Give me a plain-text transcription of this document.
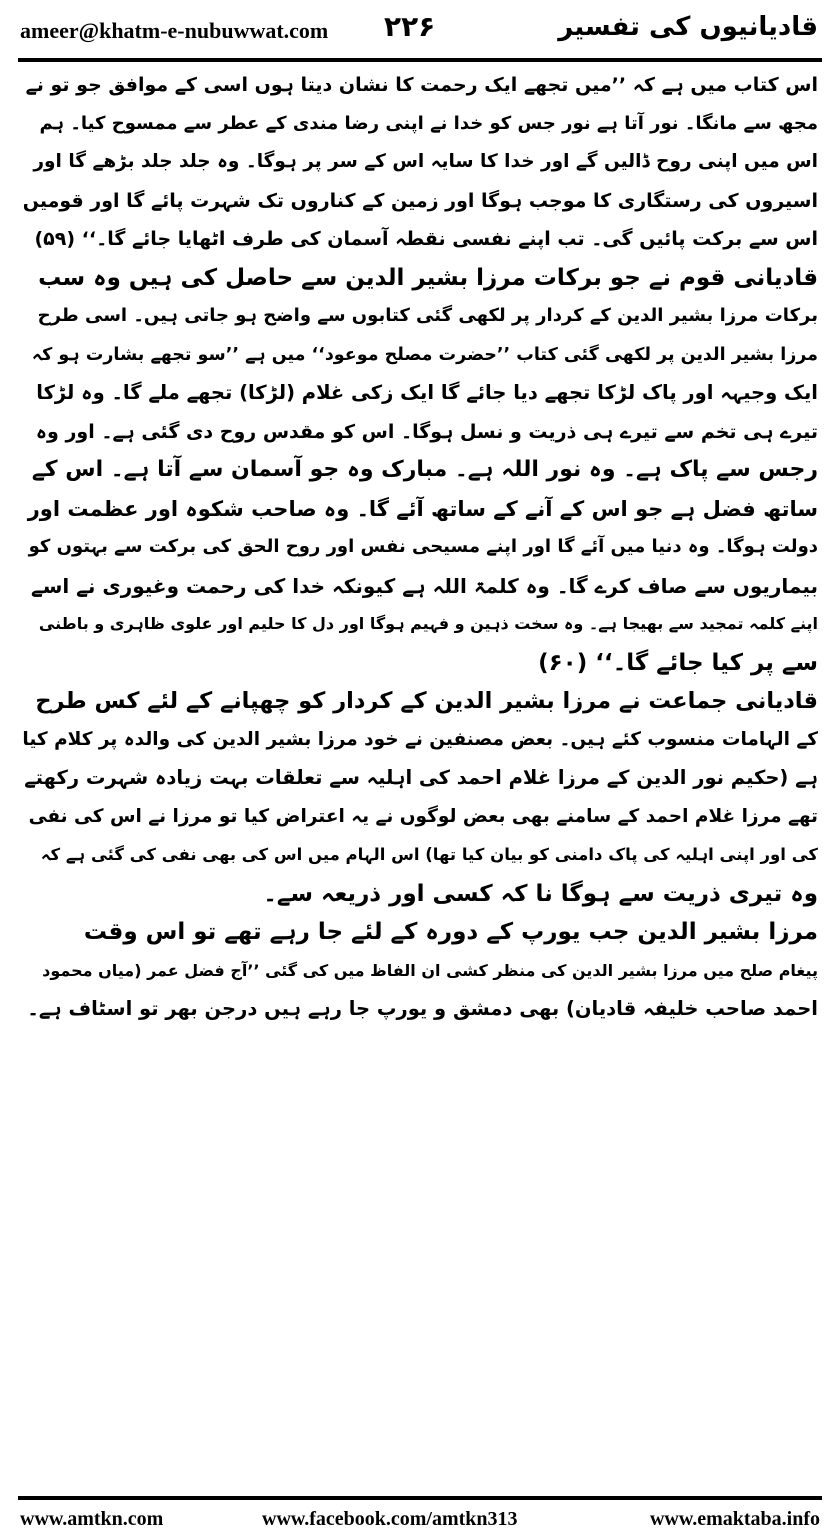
ameer@khatm-e-nubuwwat.com ۲۲۶	قادیانیوں کی تفسیر
اس کتاب میں ہے کہ ’’میں تجھے ایک رحمت کا نشان دیتا ہوں اسی کے موافق جو تو نے
مجھ سے مانگا۔ نور آتا ہے نور جس کو خدا نے اپنی رضا مندی کے عطر سے ممسوح کیا۔ ہم
اس میں اپنی روح ڈالیں گے اور خدا کا سایہ اس کے سر پر ہوگا۔ وہ جلد جلد بڑھے گا اور
اسیروں کی رستگاری کا موجب ہوگا اور زمین کے کناروں تک شہرت پائے گا اور قومیں
اس سے برکت پائیں گی۔ تب اپنے نفسی نقطہ آسمان کی طرف اٹھایا جائے گا۔‘‘ (۵۹)
قادیانی قوم نے جو برکات مرزا بشیر الدین سے حاصل کی ہیں وہ سب
برکات مرزا بشیر الدین کے کردار پر لکھی گئی کتابوں سے واضح ہو جاتی ہیں۔ اسی طرح
مرزا بشیر الدین پر لکھی گئی کتاب ’’حضرت مصلح موعود‘‘ میں ہے ’’سو تجھے بشارت ہو کہ
ایک وجیہہ اور پاک لڑکا تجھے دیا جائے گا ایک زکی غلام (لڑکا) تجھے ملے گا۔ وہ لڑکا
تیرے ہی تخم سے تیرے ہی ذریت و نسل ہوگا۔ اس کو مقدس روح دی گئی ہے۔ اور وہ
رجس سے پاک ہے۔ وہ نور اللہ ہے۔ مبارک وہ جو آسمان سے آتا ہے۔ اس کے
ساتھ فضل ہے جو اس کے آنے کے ساتھ آئے گا۔ وہ صاحب شکوہ اور عظمت اور
دولت ہوگا۔ وہ دنیا میں آئے گا اور اپنے مسیحی نفس اور روح الحق کی برکت سے بہتوں کو
بیماریوں سے صاف کرے گا۔ وہ کلمۃ اللہ ہے کیونکہ خدا کی رحمت وغیوری نے اسے
اپنے کلمہ تمجید سے بھیجا ہے۔ وہ سخت ذہین و فہیم ہوگا اور دل کا حلیم اور علوی ظاہری و باطنی
سے پر کیا جائے گا۔‘‘ (۶۰)
قادیانی جماعت نے مرزا بشیر الدین کے کردار کو چھپانے کے لئے کس طرح
کے الہامات منسوب کئے ہیں۔ بعض مصنفین نے خود مرزا بشیر الدین کی والدہ پر کلام کیا
ہے (حکیم نور الدین کے مرزا غلام احمد کی اہلیہ سے تعلقات بہت زیادہ شہرت رکھتے
تھے مرزا غلام احمد کے سامنے بھی بعض لوگوں نے یہ اعتراض کیا تو مرزا نے اس کی نفی
کی اور اپنی اہلیہ کی پاک دامنی کو بیان کیا تھا) اس الہام میں اس کی بھی نفی کی گئی ہے کہ
وہ تیری ذریت سے ہوگا نا کہ کسی اور ذریعہ سے۔
مرزا بشیر الدین جب یورپ کے دورہ کے لئے جا رہے تھے تو اس وقت
پیغام صلح میں مرزا بشیر الدین کی منظر کشی ان الفاظ میں کی گئی ’’آج فضل عمر (میاں محمود
احمد صاحب خلیفہ قادیان) بھی دمشق و یورپ جا رہے ہیں درجن بھر تو اسٹاف ہے۔
www.amtkn.com	www.facebook.com/amtkn313	www.emaktaba.info
